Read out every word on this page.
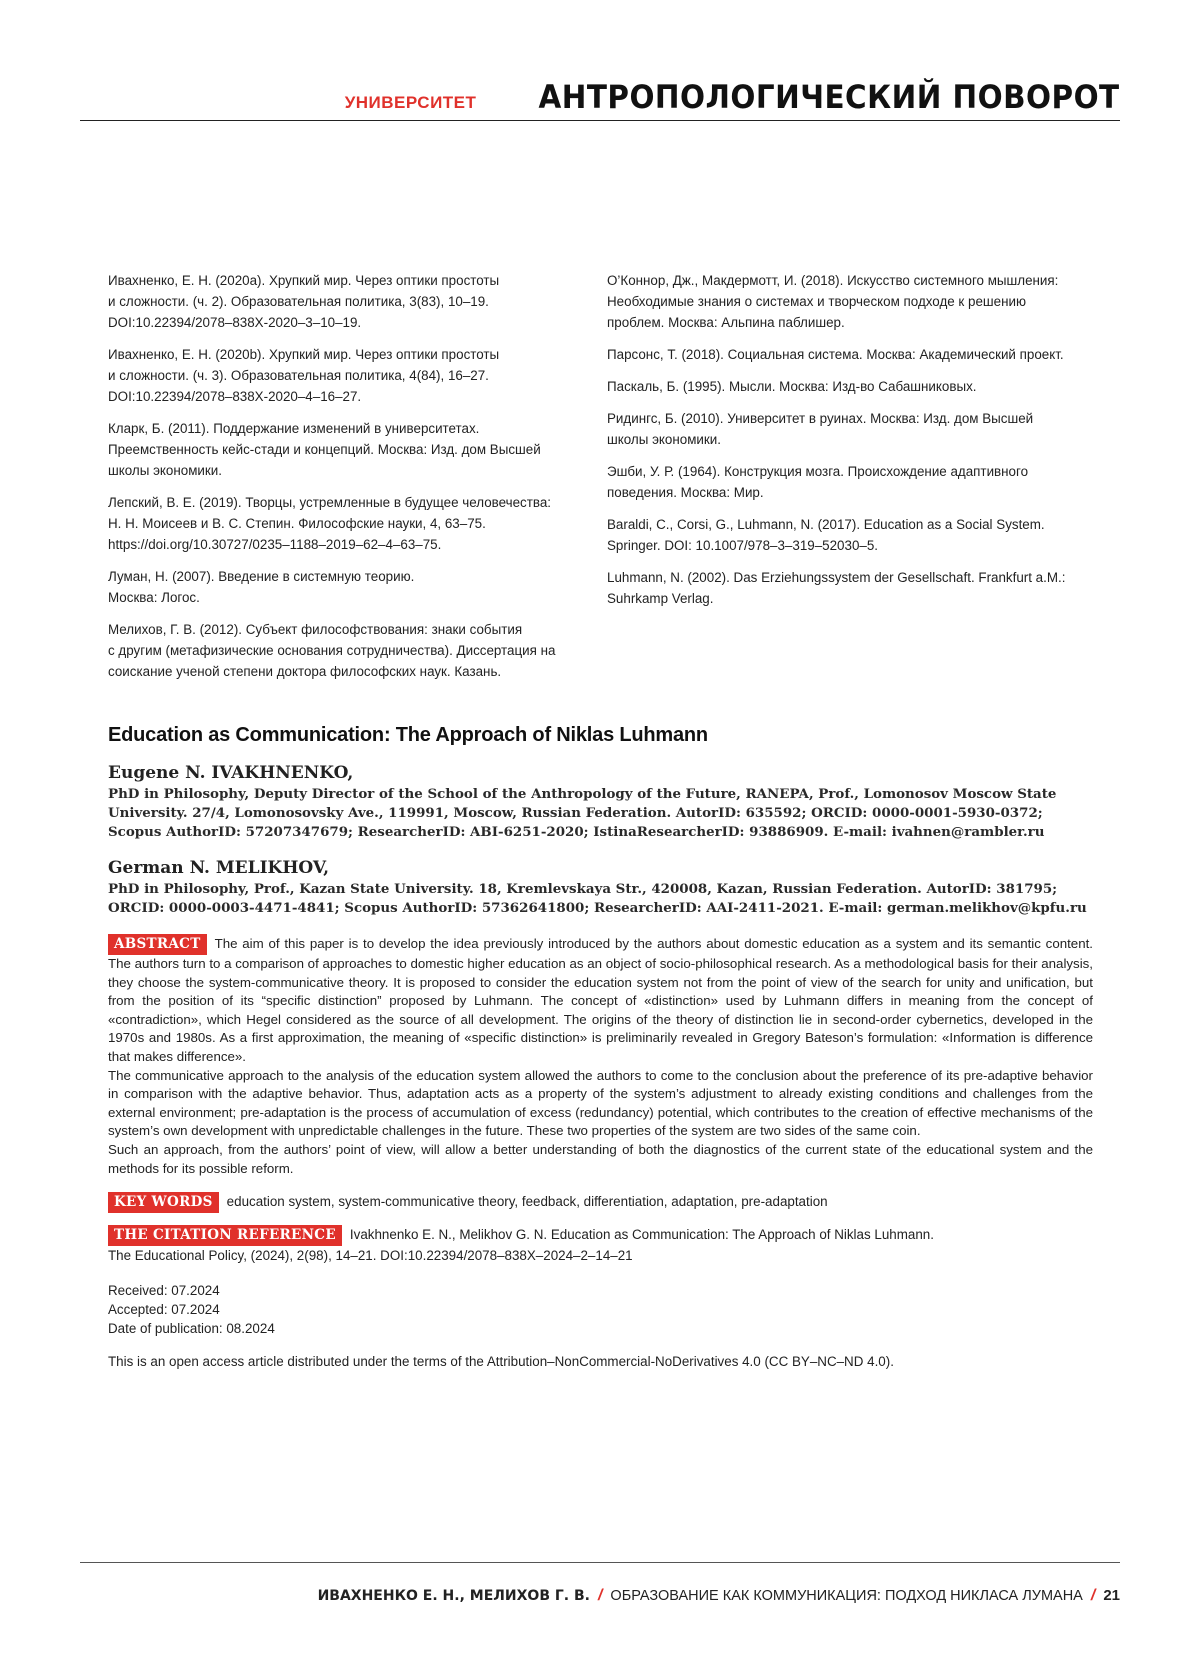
УНИВЕРСИТЕТ АНТРОПОЛОГИЧЕСКИЙ ПОВОРОТ

Ивахненко, Е. Н. (2020a). Хрупкий мир. Через оптики простоты
и сложности. (ч. 2). Образовательная политика, 3(83), 10–19.
DOI:10.22394/2078–838X-2020–3–10–19.

Ивахненко, Е. Н. (2020b). Хрупкий мир. Через оптики простоты
и сложности. (ч. 3). Образовательная политика, 4(84), 16–27.
DOI:10.22394/2078–838X-2020–4–16–27.

Кларк, Б. (2011). Поддержание изменений в университетах.
Преемственность кейс-стади и концепций. Москва: Изд. дом Высшей
школы экономики.

Лепский, В. Е. (2019). Творцы, устремленные в будущее человечества:
Н. Н. Моисеев и В. С. Степин. Философские науки, 4, 63–75.
https://doi.org/10.30727/0235–1188–2019–62–4–63–75.

Луман, Н. (2007). Введение в системную теорию.
Москва: Логос.

Мелихов, Г. В. (2012). Субъект философствования: знаки события
с другим (метафизические основания сотрудничества). Диссертация на
соискание ученой степени доктора философских наук. Казань.

О’Коннор, Дж., Макдермотт, И. (2018). Искусство системного мышления:
Необходимые знания о системах и творческом подходе к решению
проблем. Москва: Альпина паблишер.

Парсонс, Т. (2018). Социальная система. Москва: Академический проект.

Паскаль, Б. (1995). Мысли. Москва: Изд-во Сабашниковых.

Ридингс, Б. (2010). Университет в руинах. Москва: Изд. дом Высшей
школы экономики.

Эшби, У. Р. (1964). Конструкция мозга. Происхождение адаптивного
поведения. Москва: Мир.

Baraldi, C., Corsi, G., Luhmann, N. (2017). Education as a Social System.
Springer. DOI: 10.1007/978–3–319–52030–5.

Luhmann, N. (2002). Das Erziehungssystem der Gesellschaft. Frankfurt a.M.:
Suhrkamp Verlag.

Education as Communication: The Approach of Niklas Luhmann

Eugene N. IVAKHNENKO,

PhD in Philosophy, Deputy Director of the School of the Anthropology of the Future, RANEPA, Prof., Lomonosov Moscow State University. 27/4, Lomonosovsky Ave., 119991, Moscow, Russian Federation. AutorID: 635592; ORCID: 0000-0001-5930-0372; Scopus AuthorID: 57207347679; ResearcherID: ABI-6251-2020; IstinaResearcherID: 93886909. E-mail: ivahnen@rambler.ru

German N. MELIKHOV,

PhD in Philosophy, Prof., Kazan State University. 18, Kremlevskaya Str., 420008, Kazan, Russian Federation. AutorID: 381795; ORCID: 0000-0003-4471-4841; Scopus AuthorID: 57362641800; ResearcherID: AAI-2411-2021. E-mail: german.melikhov@kpfu.ru

ABSTRACT The aim of this paper is to develop the idea previously introduced by the authors about domestic education as a system and its semantic content. The authors turn to a comparison of approaches to domestic higher education as an object of socio-philosophical research. As a methodological basis for their analysis, they choose the system-communicative theory. It is proposed to consider the education system not from the point of view of the search for unity and unification, but from the position of its “specific distinction” proposed by Luhmann. The concept of «distinction» used by Luhmann differs in meaning from the concept of «contradiction», which Hegel considered as the source of all development. The origins of the theory of distinction lie in second-order cybernetics, developed in the 1970s and 1980s. As a first approximation, the meaning of «specific distinction» is preliminarily revealed in Gregory Bateson’s formulation: «Information is difference that makes difference».

The communicative approach to the analysis of the education system allowed the authors to come to the conclusion about the preference of its pre-adaptive behavior in comparison with the adaptive behavior. Thus, adaptation acts as a property of the system’s adjustment to already existing conditions and challenges from the external environment; pre-adaptation is the process of accumulation of excess (redundancy) potential, which contributes to the creation of effective mechanisms of the system’s own development with unpredictable challenges in the future. These two properties of the system are two sides of the same coin.

Such an approach, from the authors’ point of view, will allow a better understanding of both the diagnostics of the current state of the educational system and the methods for its possible reform.

KEY WORDS education system, system-communicative theory, feedback, differentiation, adaptation, pre-adaptation
THE CITATION REFERENCE Ivakhnenko E. N., Melikhov G. N. Education as Communication: The Approach of Niklas Luhmann.
The Educational Policy, (2024), 2(98), 14–21. DOI:10.22394/2078–838X–2024–2–14–21
Received: 07.2024
Accepted: 07.2024
Date of publication: 08.2024
This is an open access article distributed under the terms of the Attribution–NonCommercial-NoDerivatives 4.0 (CC BY–NC–ND 4.0).
ИВАХНЕНКО Е. Н., МЕЛИХОВ Г. В. / ОБРАЗОВАНИЕ КАК КОММУНИКАЦИЯ: ПОДХОД НИКЛАСА ЛУМАНА / 21
